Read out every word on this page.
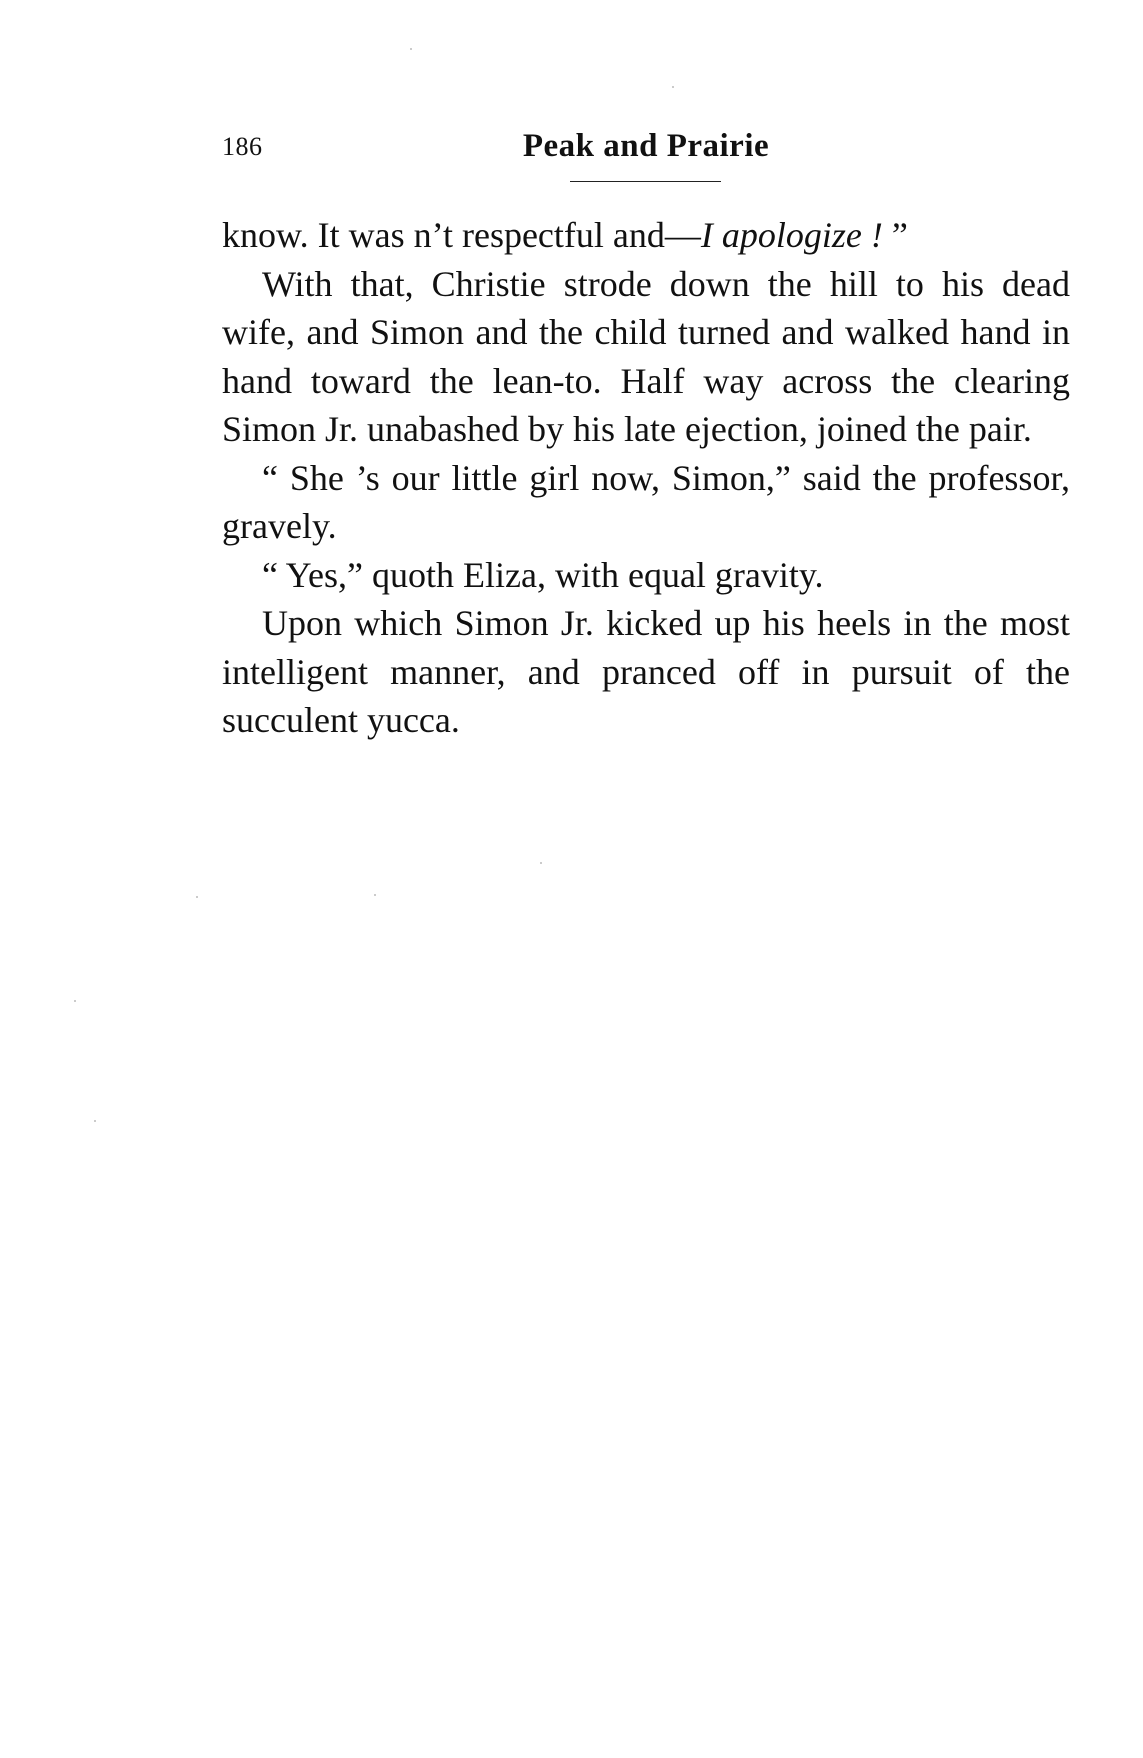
186	Peak and Prairie

know. It was n’t respectful and—I apologize ! ”

With that, Christie strode down the hill to his dead wife, and Simon and the child turned and walked hand in hand toward the lean-to. Half way across the clearing Simon Jr. unabashed by his late ejection, joined the pair.

“ She ’s our little girl now, Simon,” said the professor, gravely.

“ Yes,” quoth Eliza, with equal gravity.

Upon which Simon Jr. kicked up his heels in the most intelligent manner, and pranced off in pursuit of the succulent yucca.
